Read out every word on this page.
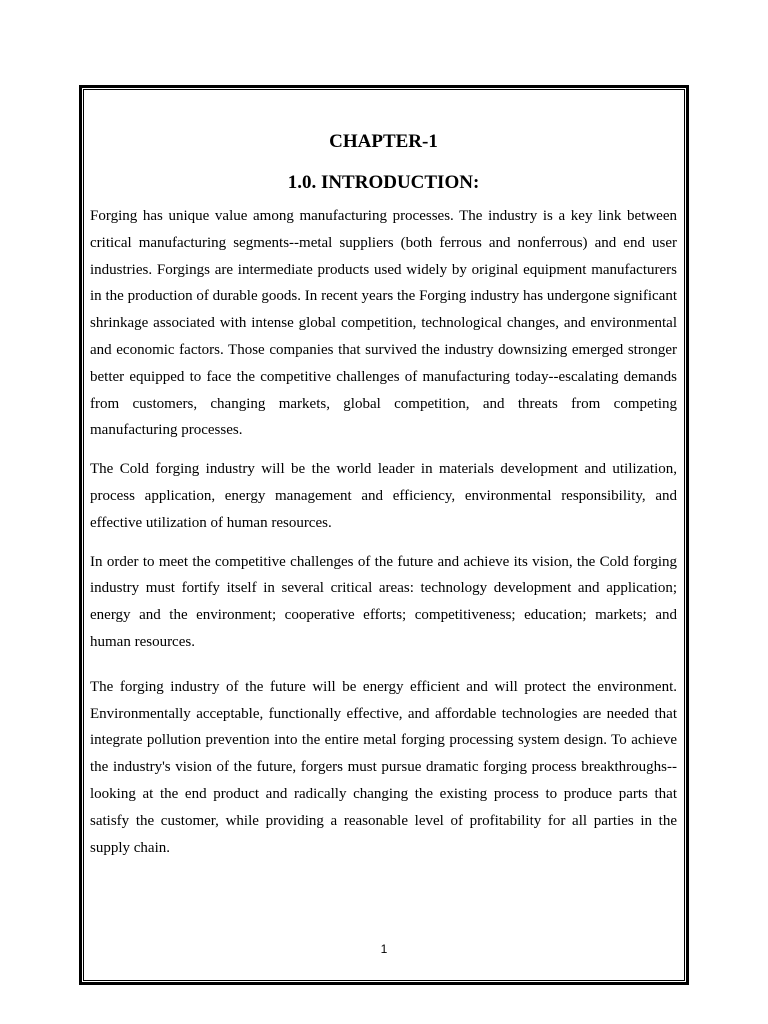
CHAPTER-1
1.0. INTRODUCTION:

Forging has unique value among manufacturing processes. The industry is a key link between critical manufacturing segments--metal suppliers (both ferrous and nonferrous) and end user industries. Forgings are intermediate products used widely by original equipment manufacturers in the production of durable goods. In recent years the Forging industry has undergone significant shrinkage associated with intense global competition, technological changes, and environmental and economic factors. Those companies that survived the industry downsizing emerged stronger better equipped to face the competitive challenges of manufacturing today--escalating demands from customers, changing markets, global competition, and threats from competing manufacturing processes.

The Cold forging industry will be the world leader in materials development and utilization, process application, energy management and efficiency, environmental responsibility, and effective utilization of human resources.

In order to meet the competitive challenges of the future and achieve its vision, the Cold forging industry must fortify itself in several critical areas: technology development and application; energy and the environment; cooperative efforts; competitiveness; education; markets; and human resources.

The forging industry of the future will be energy efficient and will protect the environment. Environmentally acceptable, functionally effective, and affordable technologies are needed that integrate pollution prevention into the entire metal forging processing system design. To achieve the industry's vision of the future, forgers must pursue dramatic forging process breakthroughs--looking at the end product and radically changing the existing process to produce parts that satisfy the customer, while providing a reasonable level of profitability for all parties in the supply chain.

1
